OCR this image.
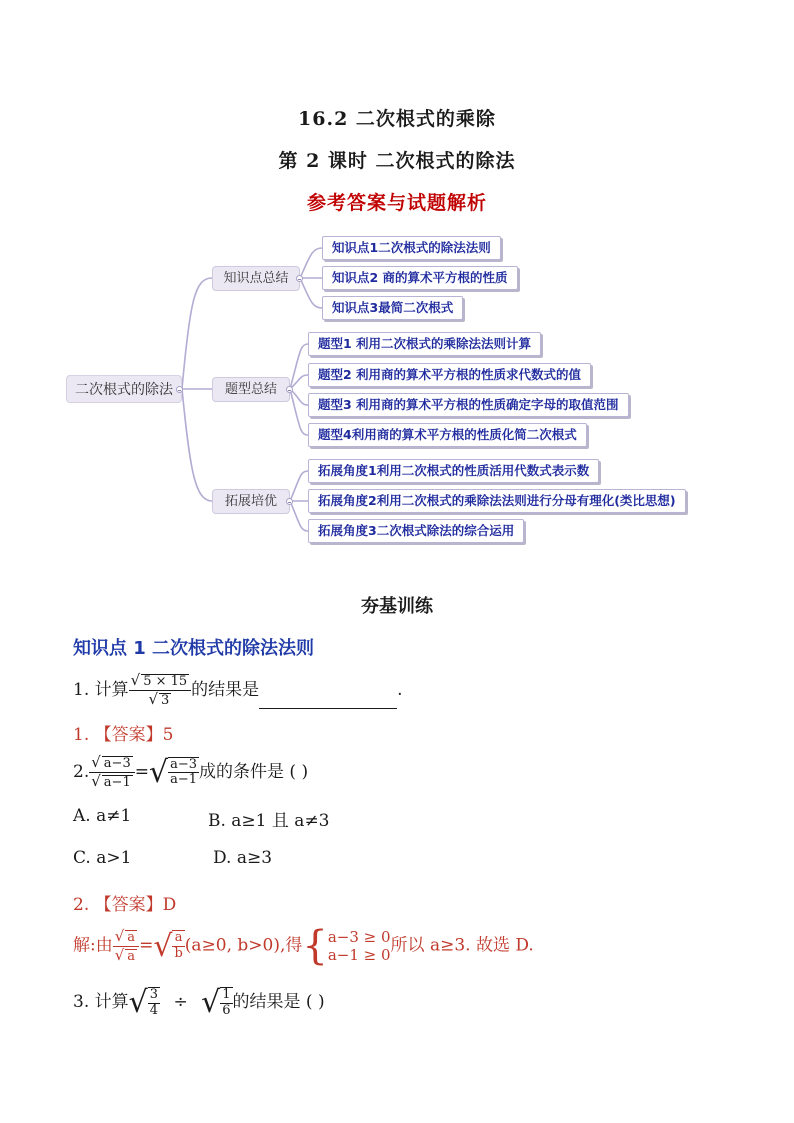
16.2 二次根式的乘除
第 2 课时 二次根式的除法
参考答案与试题解析
二次根式的除法
知识点总结
知识点1二次根式的除法法则
知识点2 商的算术平方根的性质
知识点3最简二次根式
题型总结
题型1 利用二次根式的乘除法法则计算
题型2 利用商的算术平方根的性质求代数式的值
题型3 利用商的算术平方根的性质确定字母的取值范围
题型4利用商的算术平方根的性质化简二次根式
拓展培优
拓展角度1利用二次根式的性质活用代数式表示数
拓展角度2利用二次根式的乘除法法则进行分母有理化(类比思想)
拓展角度3二次根式除法的综合运用
夯基训练
知识点 1 二次根式的除法法则
1. 计算 $\frac{√ 5 \times 15}{√ 3}$ 的结果是	.
1. 【答案】5
2. $\frac{√ a-3}{√ a-1}$ =√ $\frac{a-3}{a-1}$ 成的条件是 ( )
A. a≠1	B. a≥1 且 a≠3
C. a>1	D. a≥3
2. 【答案】D
解:由 $\frac{√ a}{√ a}$ =√ $\frac{a}{b} (a\ge 0$, b>0),得{ a−3 ≥ 0
a−1 ≥ 0 所以 a≥3. 故选 D.
3. 计算√ $\frac{3}{4}$ ÷ √ $\frac{1}{6}$ 的结果是 ( )
